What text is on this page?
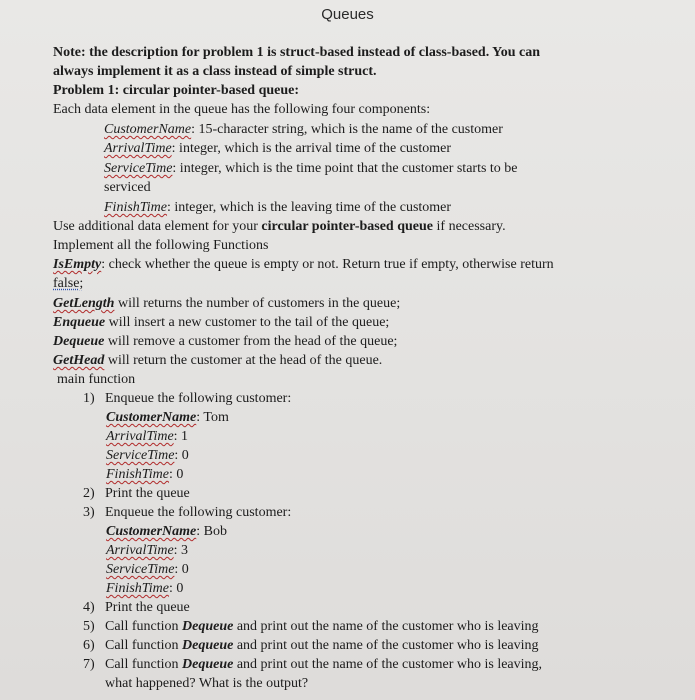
Queues
Note: the description for problem 1 is struct-based instead of class-based. You can
always implement it as a class instead of simple struct.
Problem 1: circular pointer-based queue:
Each data element in the queue has the following four components:
CustomerName: 15-character string, which is the name of the customer
ArrivalTime: integer, which is the arrival time of the customer
ServiceTime: integer, which is the time point that the customer starts to be
serviced
FinishTime: integer, which is the leaving time of the customer
Use additional data element for your circular pointer-based queue if necessary.
Implement all the following Functions
IsEmpty: check whether the queue is empty or not. Return true if empty, otherwise return
false;
GetLength will returns the number of customers in the queue;
Enqueue will insert a new customer to the tail of the queue;
Dequeue will remove a customer from the head of the queue;
GetHead will return the customer at the head of the queue.
main function
1) Enqueue the following customer:
CustomerName: Tom
ArrivalTime: 1
ServiceTime: 0
FinishTime: 0
2) Print the queue
3) Enqueue the following customer:
CustomerName: Bob
ArrivalTime: 3
ServiceTime: 0
FinishTime: 0
4) Print the queue
5) Call function Dequeue and print out the name of the customer who is leaving
6) Call function Dequeue and print out the name of the customer who is leaving
7) Call function Dequeue and print out the name of the customer who is leaving,
what happened? What is the output?
